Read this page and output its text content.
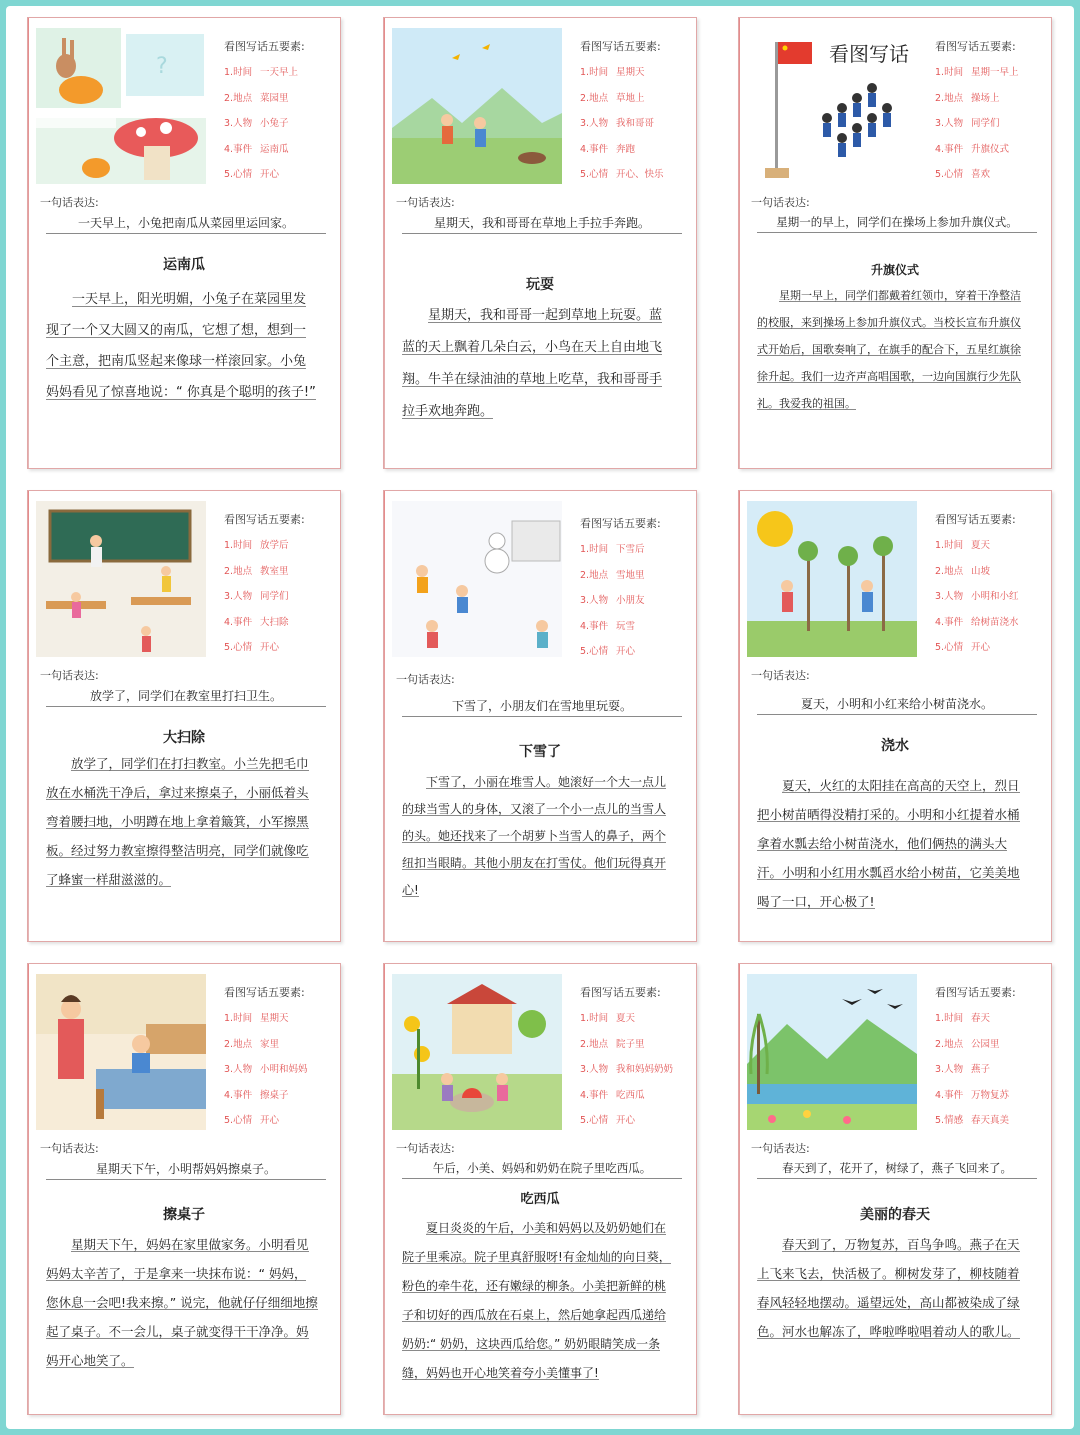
?
看图写话五要素:
1.时间 一天早上
2.地点 菜园里
3.人物 小兔子
4.事件 运南瓜
5.心情 开心
一句话表达:
一天早上，小兔把南瓜从菜园里运回家。
运南瓜
一天早上，阳光明媚，小兔子在菜园里发现了一个又大圆又的南瓜，它想了想，想到一个主意，把南瓜竖起来像球一样滚回家。小兔妈妈看见了惊喜地说：“ 你真是个聪明的孩子!”
看图写话五要素:
1.时间 星期天
2.地点 草地上
3.人物 我和哥哥
4.事件 奔跑
5.心情 开心、快乐
一句话表达:
星期天，我和哥哥在草地上手拉手奔跑。
玩耍
星期天，我和哥哥一起到草地上玩耍。蓝蓝的天上飘着几朵白云，小鸟在天上自由地飞翔。牛羊在绿油油的草地上吃草，我和哥哥手拉手欢地奔跑。
看图写话 看图写话五要素:
1.时间 星期一早上
2.地点 操场上
3.人物 同学们
4.事件 升旗仪式
5.心情 喜欢
一句话表达:
星期一的早上，同学们在操场上参加升旗仪式。
升旗仪式
星期一早上，同学们都戴着红领巾，穿着干净整洁的校服，来到操场上参加升旗仪式。当校长宣布升旗仪式开始后，国歌奏响了，在旗手的配合下，五星红旗徐徐升起。我们一边齐声高唱国歌，一边向国旗行少先队礼。我爱我的祖国。
看图写话五要素:
1.时间 放学后
2.地点 教室里
3.人物 同学们
4.事件 大扫除
5.心情 开心
一句话表达:
放学了，同学们在教室里打扫卫生。
大扫除
放学了，同学们在打扫教室。小兰先把毛巾放在水桶洗干净后，拿过来擦桌子，小丽低着头弯着腰扫地，小明蹲在地上拿着簸箕，小军擦黑板。经过努力教室擦得整洁明亮，同学们就像吃了蜂蜜一样甜滋滋的。
看图写话五要素:
1.时间 下雪后
2.地点 雪地里
3.人物 小朋友
4.事件 玩雪
5.心情 开心
一句话表达:
下雪了，小朋友们在雪地里玩耍。
下雪了
下雪了，小丽在堆雪人。她滚好一个大一点儿的球当雪人的身体，又滚了一个小一点儿的当雪人的头。她还找来了一个胡萝卜当雪人的鼻子，两个纽扣当眼睛。其他小朋友在打雪仗。他们玩得真开心!
看图写话五要素:
1.时间 夏天
2.地点 山坡
3.人物 小明和小红
4.事件 给树苗浇水
5.心情 开心
一句话表达:
夏天，小明和小红来给小树苗浇水。
浇水
夏天，火红的太阳挂在高高的天空上，烈日把小树苗晒得没精打采的。小明和小红提着水桶拿着水瓢去给小树苗浇水，他们俩热的满头大汗。小明和小红用水瓢舀水给小树苗，它美美地喝了一口，开心极了!
看图写话五要素:
1.时间 星期天
2.地点 家里
3.人物 小明和妈妈
4.事件 擦桌子
5.心情 开心
一句话表达:
星期天下午，小明帮妈妈擦桌子。
擦桌子
星期天下午，妈妈在家里做家务。小明看见妈妈太辛苦了，于是拿来一块抹布说：“ 妈妈，您休息一会吧!我来擦。” 说完，他就仔仔细细地擦起了桌子。不一会儿，桌子就变得干干净净。妈妈开心地笑了。
看图写话五要素:
1.时间 夏天
2.地点 院子里
3.人物 我和妈妈奶奶
4.事件 吃西瓜
5.心情 开心
一句话表达:
午后，小美、妈妈和奶奶在院子里吃西瓜。
吃西瓜
夏日炎炎的午后，小美和妈妈以及奶奶她们在院子里乘凉。院子里真舒服呀!有金灿灿的向日葵，粉色的牵牛花，还有嫩绿的柳条。小美把新鲜的桃子和切好的西瓜放在石桌上，然后她拿起西瓜递给奶奶:“ 奶奶，这块西瓜给您。” 奶奶眼睛笑成一条缝，妈妈也开心地笑着夸小美懂事了!
看图写话五要素:
1.时间 春天
2.地点 公园里
3.人物 燕子
4.事件 万物复苏
5.情感 春天真美
一句话表达:
春天到了，花开了，树绿了，燕子飞回来了。
美丽的春天
春天到了，万物复苏，百鸟争鸣。燕子在天上飞来飞去，快活极了。柳树发芽了，柳枝随着春风轻轻地摆动。遥望远处，高山都被染成了绿色。河水也解冻了，哗啦哗啦唱着动人的歌儿。
